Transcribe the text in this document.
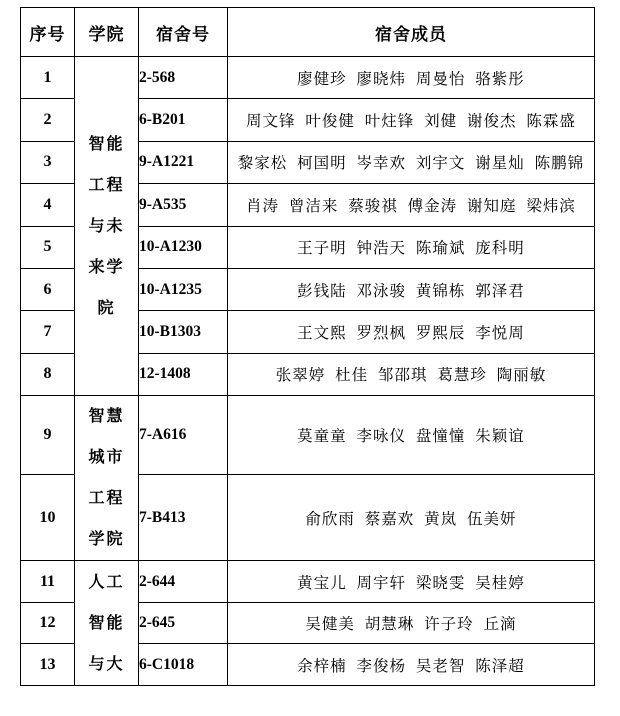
序号	学院	宿舍号	宿舍成员
1	智能
工程
与未
来学
院	2-568	廖健珍 廖晓炜 周曼怡 骆紫彤
2		6-B201	周文锋 叶俊健 叶炷锋 刘健 谢俊杰 陈霖盛
3		9-A1221	黎家松 柯国明 岑幸欢 刘宇文 谢星灿 陈鹏锦
4		9-A535	肖涛 曾洁来 蔡骏祺 傅金涛 谢知庭 梁炜滨
5		10-A1230	王子明 钟浩天 陈瑜斌 庞科明
6		10-A1235	彭钱陆 邓泳骏 黄锦栋 郭泽君
7		10-B1303	王文熙 罗烈枫 罗熙辰 李悦周
8		12-1408	张翠婷 杜佳 邹邵琪 葛慧珍 陶丽敏
9	智慧
城市
工程
学院	7-A616	莫童童 李咏仪 盘憧憧 朱颖谊
10		7-B413	俞欣雨 蔡嘉欢 黄岚 伍美妍
11	人工
智能
与大	2-644	黄宝儿 周宇轩 梁晓雯 吴桂婷
12		2-645	吴健美 胡慧琳 许子玲 丘滴
13		6-C1018	余梓楠 李俊杨 吴老智 陈泽超
